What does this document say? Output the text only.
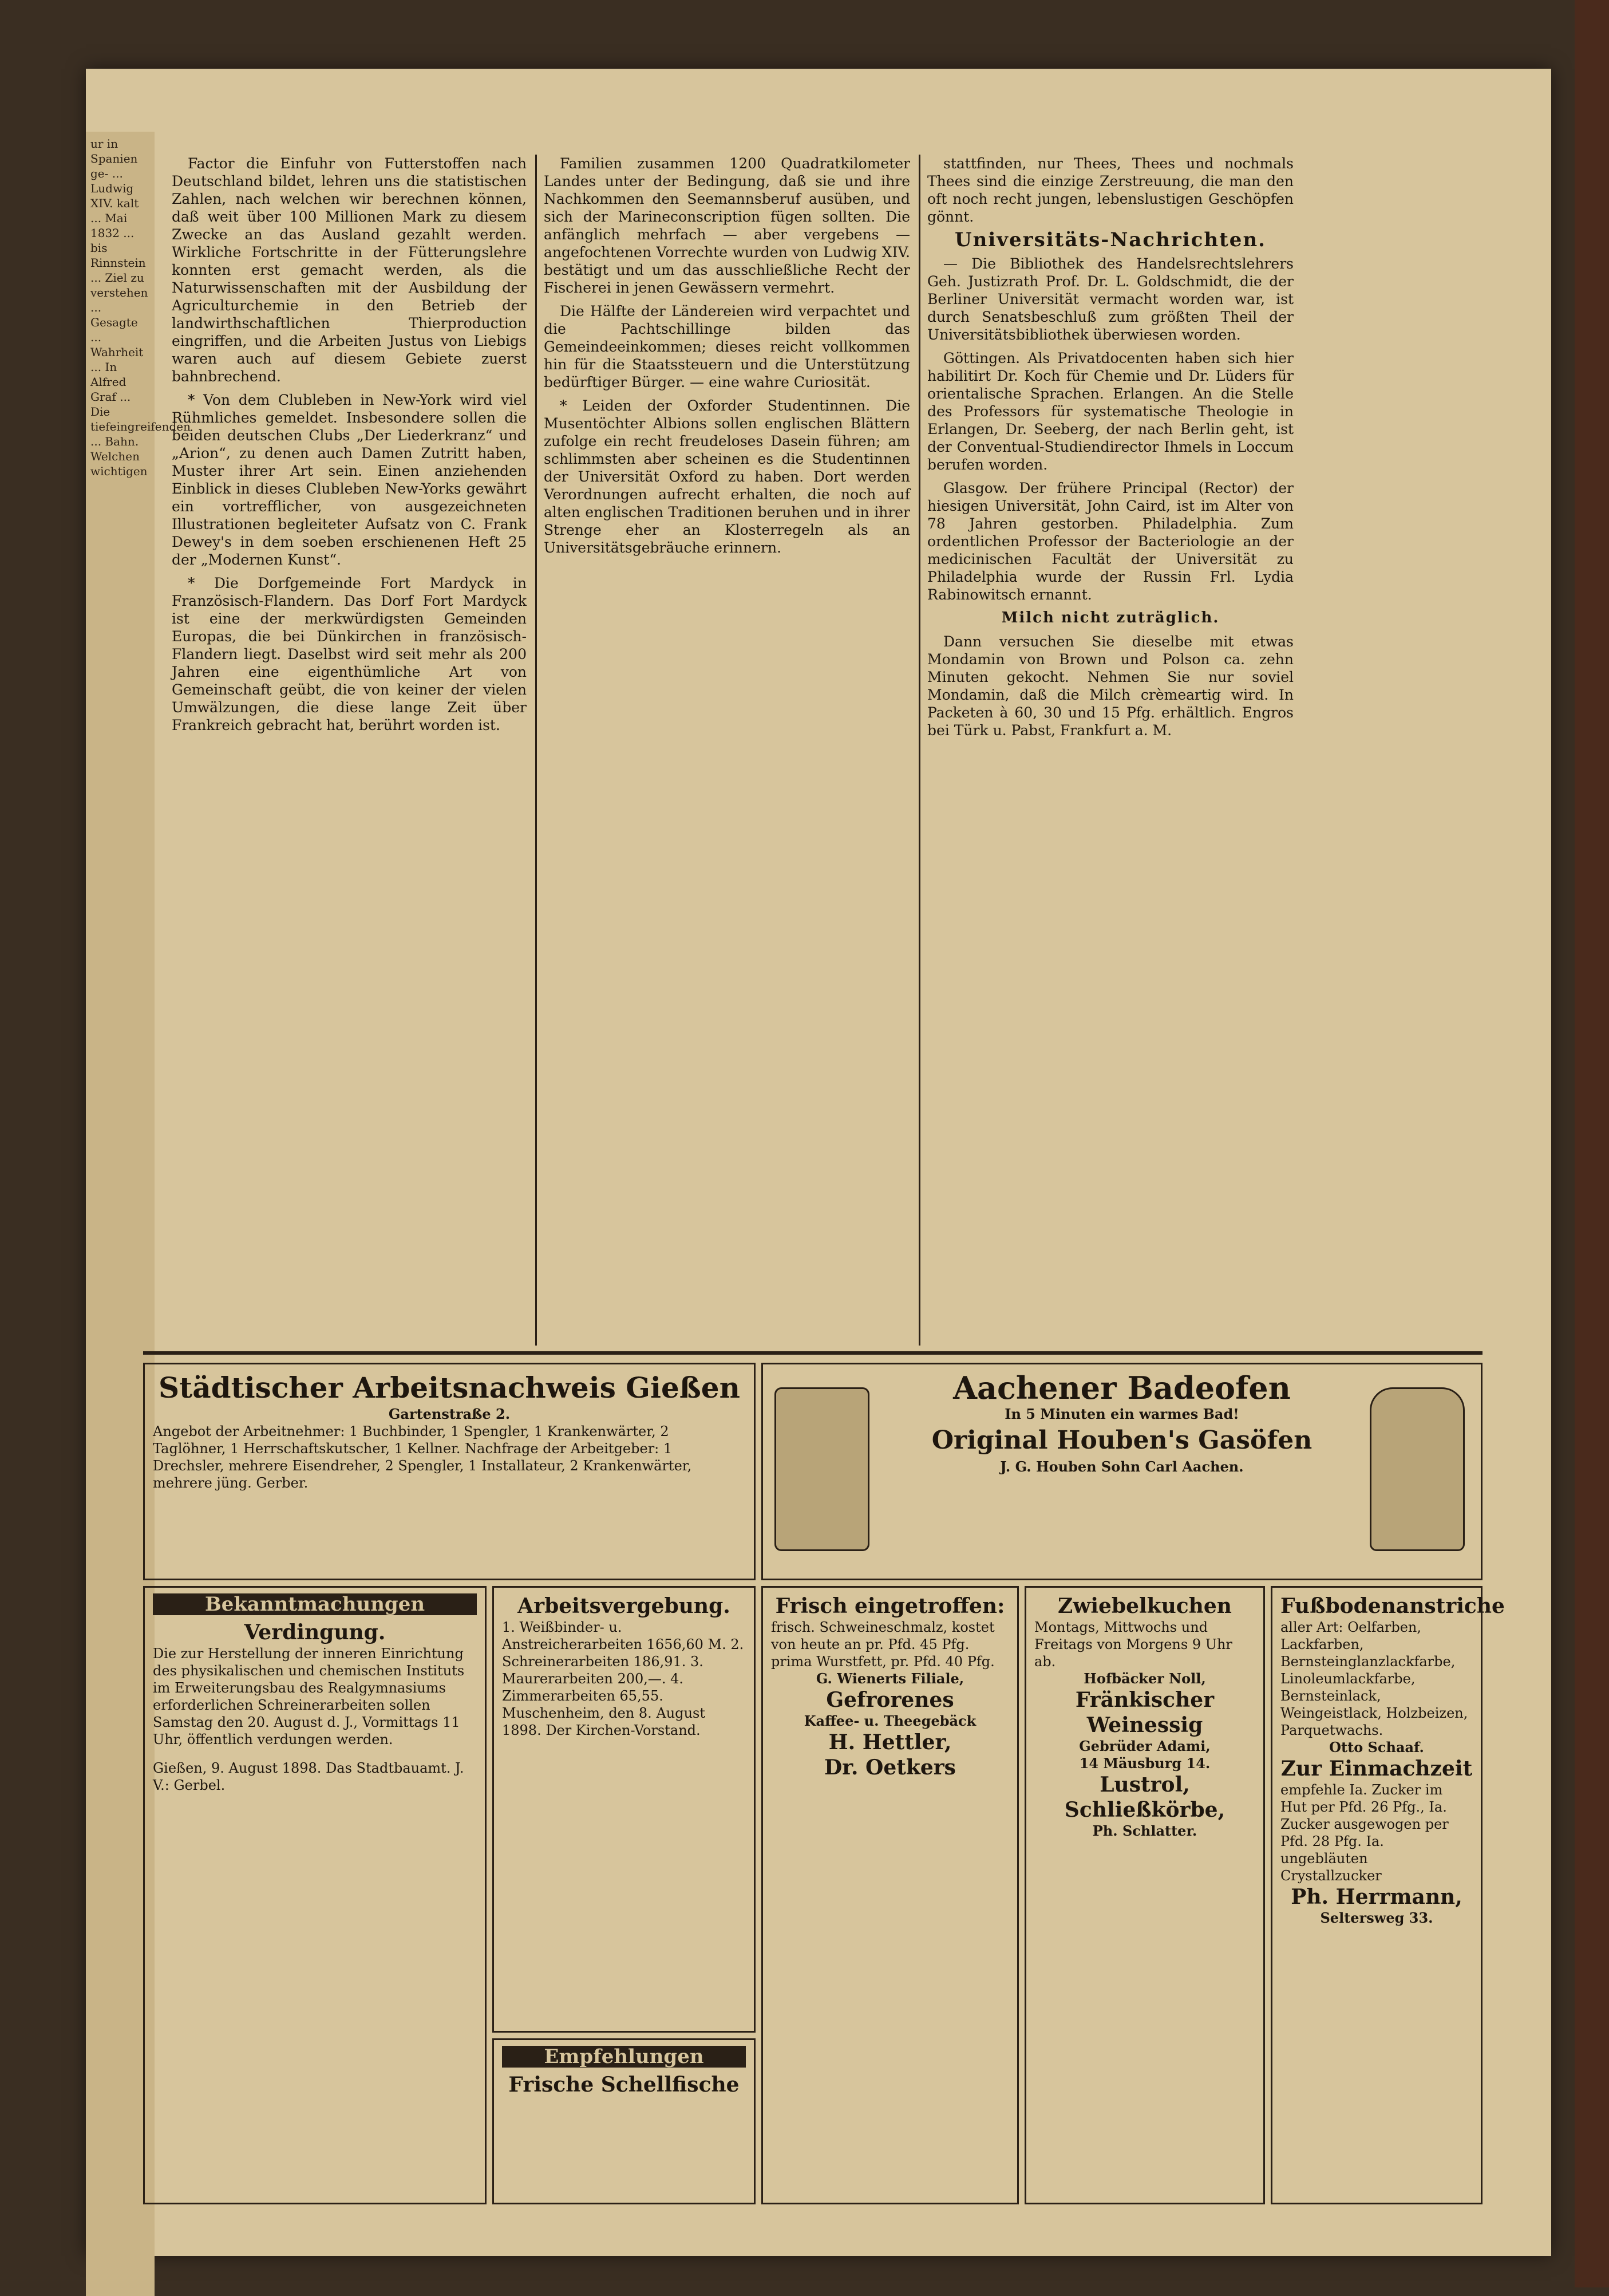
ur in Spanien ge- ... Ludwig XIV. kalt ... Mai 1832 ... bis Rinnstein ... Ziel zu verstehen ... Gesagte ... Wahrheit ... In Alfred Graf ... Die tiefeingreifenden ... Bahn. Welchen wichtigen

Factor die Einfuhr von Futterstoffen nach Deutschland bildet, lehren uns die statistischen Zahlen, nach welchen wir berechnen können, daß weit über 100 Millionen Mark zu diesem Zwecke an das Ausland gezahlt werden. Wirkliche Fortschritte in der Fütterungslehre konnten erst gemacht werden, als die Naturwissenschaften mit der Ausbildung der Agriculturchemie in den Betrieb der landwirthschaftlichen Thierproduction eingriffen, und die Arbeiten Justus von Liebigs waren auch auf diesem Gebiete zuerst bahnbrechend.

* Von dem Clubleben in New-York wird viel Rühmliches gemeldet. Insbesondere sollen die beiden deutschen Clubs „Der Liederkranz“ und „Arion“, zu denen auch Damen Zutritt haben, Muster ihrer Art sein. Einen anziehenden Einblick in dieses Clubleben New-Yorks gewährt ein vortrefflicher, von ausgezeichneten Illustrationen begleiteter Aufsatz von C. Frank Dewey's in dem soeben erschienenen Heft 25 der „Modernen Kunst“.

* Die Dorfgemeinde Fort Mardyck in Französisch-Flandern. Das Dorf Fort Mardyck ist eine der merkwürdigsten Gemeinden Europas, die bei Dünkirchen in französisch-Flandern liegt. Daselbst wird seit mehr als 200 Jahren eine eigenthümliche Art von Gemeinschaft geübt, die von keiner der vielen Umwälzungen, die diese lange Zeit über Frankreich gebracht hat, berührt worden ist.

Familien zusammen 1200 Quadratkilometer Landes unter der Bedingung, daß sie und ihre Nachkommen den Seemannsberuf ausüben, und sich der Marineconscription fügen sollten. Die anfänglich mehrfach — aber vergebens — angefochtenen Vorrechte wurden von Ludwig XIV. bestätigt und um das ausschließliche Recht der Fischerei in jenen Gewässern vermehrt.

Die Hälfte der Ländereien wird verpachtet und die Pachtschillinge bilden das Gemeindeeinkommen; dieses reicht vollkommen hin für die Staatssteuern und die Unterstützung bedürftiger Bürger. — eine wahre Curiosität.

* Leiden der Oxforder Studentinnen. Die Musentöchter Albions sollen englischen Blättern zufolge ein recht freudeloses Dasein führen; am schlimmsten aber scheinen es die Studentinnen der Universität Oxford zu haben. Dort werden Verordnungen aufrecht erhalten, die noch auf alten englischen Traditionen beruhen und in ihrer Strenge eher an Klosterregeln als an Universitätsgebräuche erinnern.

stattfinden, nur Thees, Thees und nochmals Thees sind die einzige Zerstreuung, die man den oft noch recht jungen, lebenslustigen Geschöpfen gönnt.

Universitäts-Nachrichten.

— Die Bibliothek des Handelsrechtslehrers Geh. Justizrath Prof. Dr. L. Goldschmidt, die der Berliner Universität vermacht worden war, ist durch Senatsbeschluß zum größten Theil der Universitätsbibliothek überwiesen worden.

Göttingen. Als Privatdocenten haben sich hier habilitirt Dr. Koch für Chemie und Dr. Lüders für orientalische Sprachen. Erlangen. An die Stelle des Professors für systematische Theologie in Erlangen, Dr. Seeberg, der nach Berlin geht, ist der Conventual-Studiendirector Ihmels in Loccum berufen worden.

Glasgow. Der frühere Principal (Rector) der hiesigen Universität, John Caird, ist im Alter von 78 Jahren gestorben. Philadelphia. Zum ordentlichen Professor der Bacteriologie an der medicinischen Facultät der Universität zu Philadelphia wurde der Russin Frl. Lydia Rabinowitsch ernannt.

Milch nicht zuträglich.

Dann versuchen Sie dieselbe mit etwas Mondamin von Brown und Polson ca. zehn Minuten gekocht. Nehmen Sie nur soviel Mondamin, daß die Milch crèmeartig wird. In Packeten à 60, 30 und 15 Pfg. erhältlich. Engros bei Türk u. Pabst, Frankfurt a. M.

Städtischer Arbeitsnachweis Gießen
Gartenstraße 2.
Angebot der Arbeitnehmer: 1 Buchbinder, 1 Spengler, 1 Krankenwärter, 2 Taglöhner, 1 Herrschaftskutscher, 1 Kellner. Nachfrage der Arbeitgeber: 1 Drechsler, mehrere Eisendreher, 2 Spengler, 1 Installateur, 2 Krankenwärter, mehrere jüng. Gerber.
Aachener Badeofen
In 5 Minuten ein warmes Bad!
Original Houben's Gasöfen
J. G. Houben Sohn Carl Aachen.
Bekanntmachungen
Verdingung.
Die zur Herstellung der inneren Einrichtung des physikalischen und chemischen Instituts im Erweiterungsbau des Realgymnasiums erforderlichen Schreinerarbeiten sollen Samstag den 20. August d. J., Vormittags 11 Uhr, öffentlich verdungen werden.
Gießen, 9. August 1898. Das Stadtbauamt. J. V.: Gerbel.
Arbeitsvergebung.
1. Weißbinder- u. Anstreicherarbeiten 1656,60 M. 2. Schreinerarbeiten 186,91. 3. Maurerarbeiten 200,—. 4. Zimmerarbeiten 65,55. Muschenheim, den 8. August 1898. Der Kirchen-Vorstand.
Empfehlungen
Frische Schellfische
Frisch eingetroffen:
frisch. Schweineschmalz, kostet von heute an pr. Pfd. 45 Pfg. prima Wurstfett, pr. Pfd. 40 Pfg.
G. Wienerts Filiale,
Gefrorenes
Kaffee- u. Theegebäck
H. Hettler,
Dr. Oetkers
Zwiebelkuchen
Montags, Mittwochs und Freitags von Morgens 9 Uhr ab.
Hofbäcker Noll,
Fränkischer Weinessig
Gebrüder Adami,
14 Mäusburg 14.
Lustrol,
Schließkörbe,
Ph. Schlatter.
Fußbodenanstriche
aller Art: Oelfarben, Lackfarben, Bernsteinglanzlackfarbe, Linoleumlackfarbe, Bernsteinlack, Weingeistlack, Holzbeizen, Parquetwachs.
Otto Schaaf.
Zur Einmachzeit
empfehle Ia. Zucker im Hut per Pfd. 26 Pfg., Ia. Zucker ausgewogen per Pfd. 28 Pfg. Ia. ungebläuten Crystallzucker
Ph. Herrmann,
Seltersweg 33.
